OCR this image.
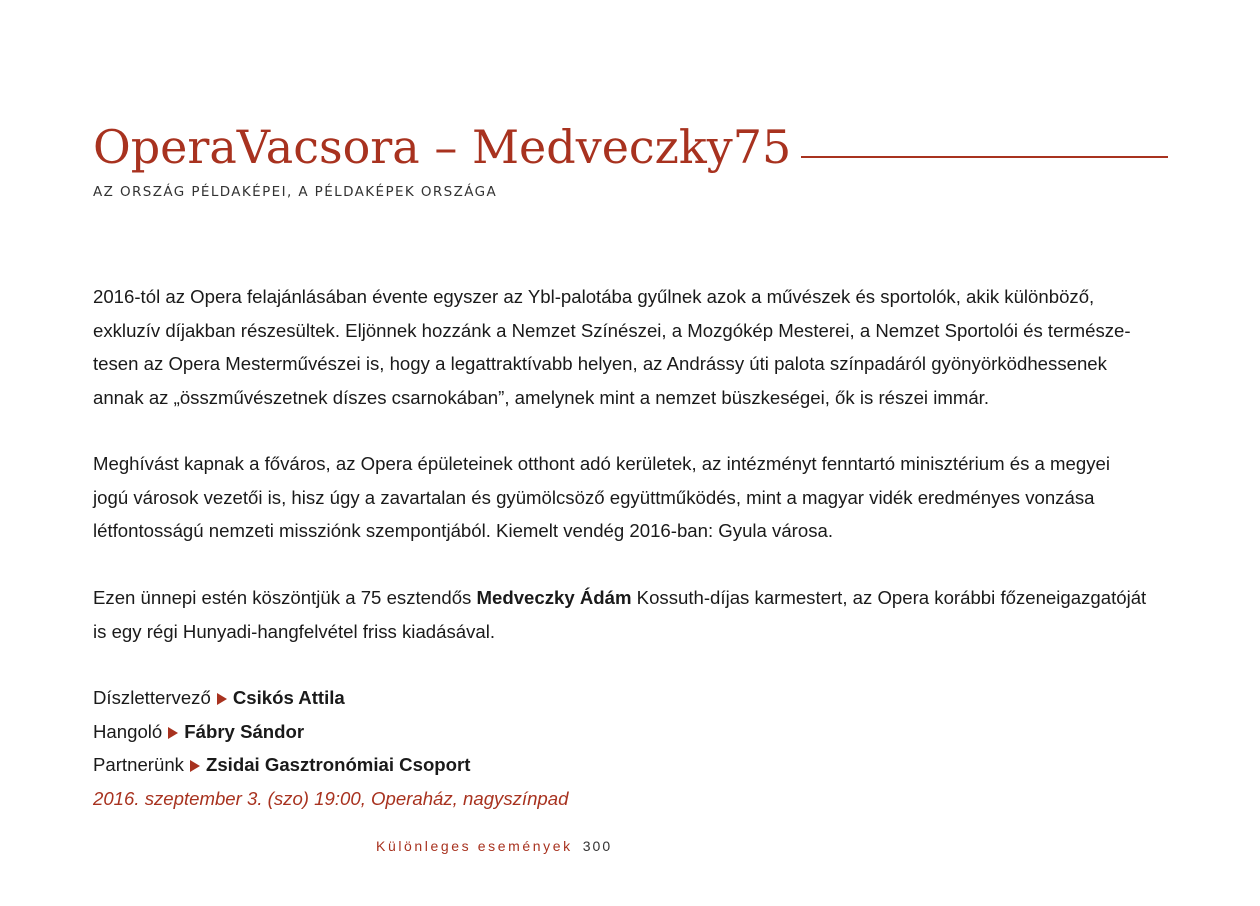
OperaVacsora – Medveczky75
AZ ORSZÁG PÉLDAKÉPEI, A PÉLDAKÉPEK ORSZÁGA

2016-tól az Opera felajánlásában évente egyszer az Ybl-palotába gyűlnek azok a művészek és sportolók, akik különböző,

exkluzív díjakban részesültek. Eljönnek hozzánk a Nemzet Színészei, a Mozgókép Mesterei, a Nemzet Sportolói és természe-

tesen az Opera Mesterművészei is, hogy a legattraktívabb helyen, az Andrássy úti palota színpadáról gyönyörködhessenek

annak az „összművészetnek díszes csarnokában”, amelynek mint a nemzet büszkeségei, ők is részei immár.

Meghívást kapnak a főváros, az Opera épületeinek otthont adó kerületek, az intézményt fenntartó minisztérium és a megyei

jogú városok vezetői is, hisz úgy a zavartalan és gyümölcsöző együttműködés, mint a magyar vidék eredményes vonzása

létfontosságú nemzeti missziónk szempontjából. Kiemelt vendég 2016-ban: Gyula városa.

Ezen ünnepi estén köszöntjük a 75 esztendős Medveczky Ádám Kossuth-díjas karmestert, az Opera korábbi főzeneigazgatóját

is egy régi Hunyadi-hangfelvétel friss kiadásával.

Díszlettervező Csikós Attila
Hangoló Fábry Sándor
Partnerünk Zsidai Gasztronómiai Csoport
2016. szeptember 3. (szo) 19:00, Operaház, nagyszínpad
Különleges események 300
